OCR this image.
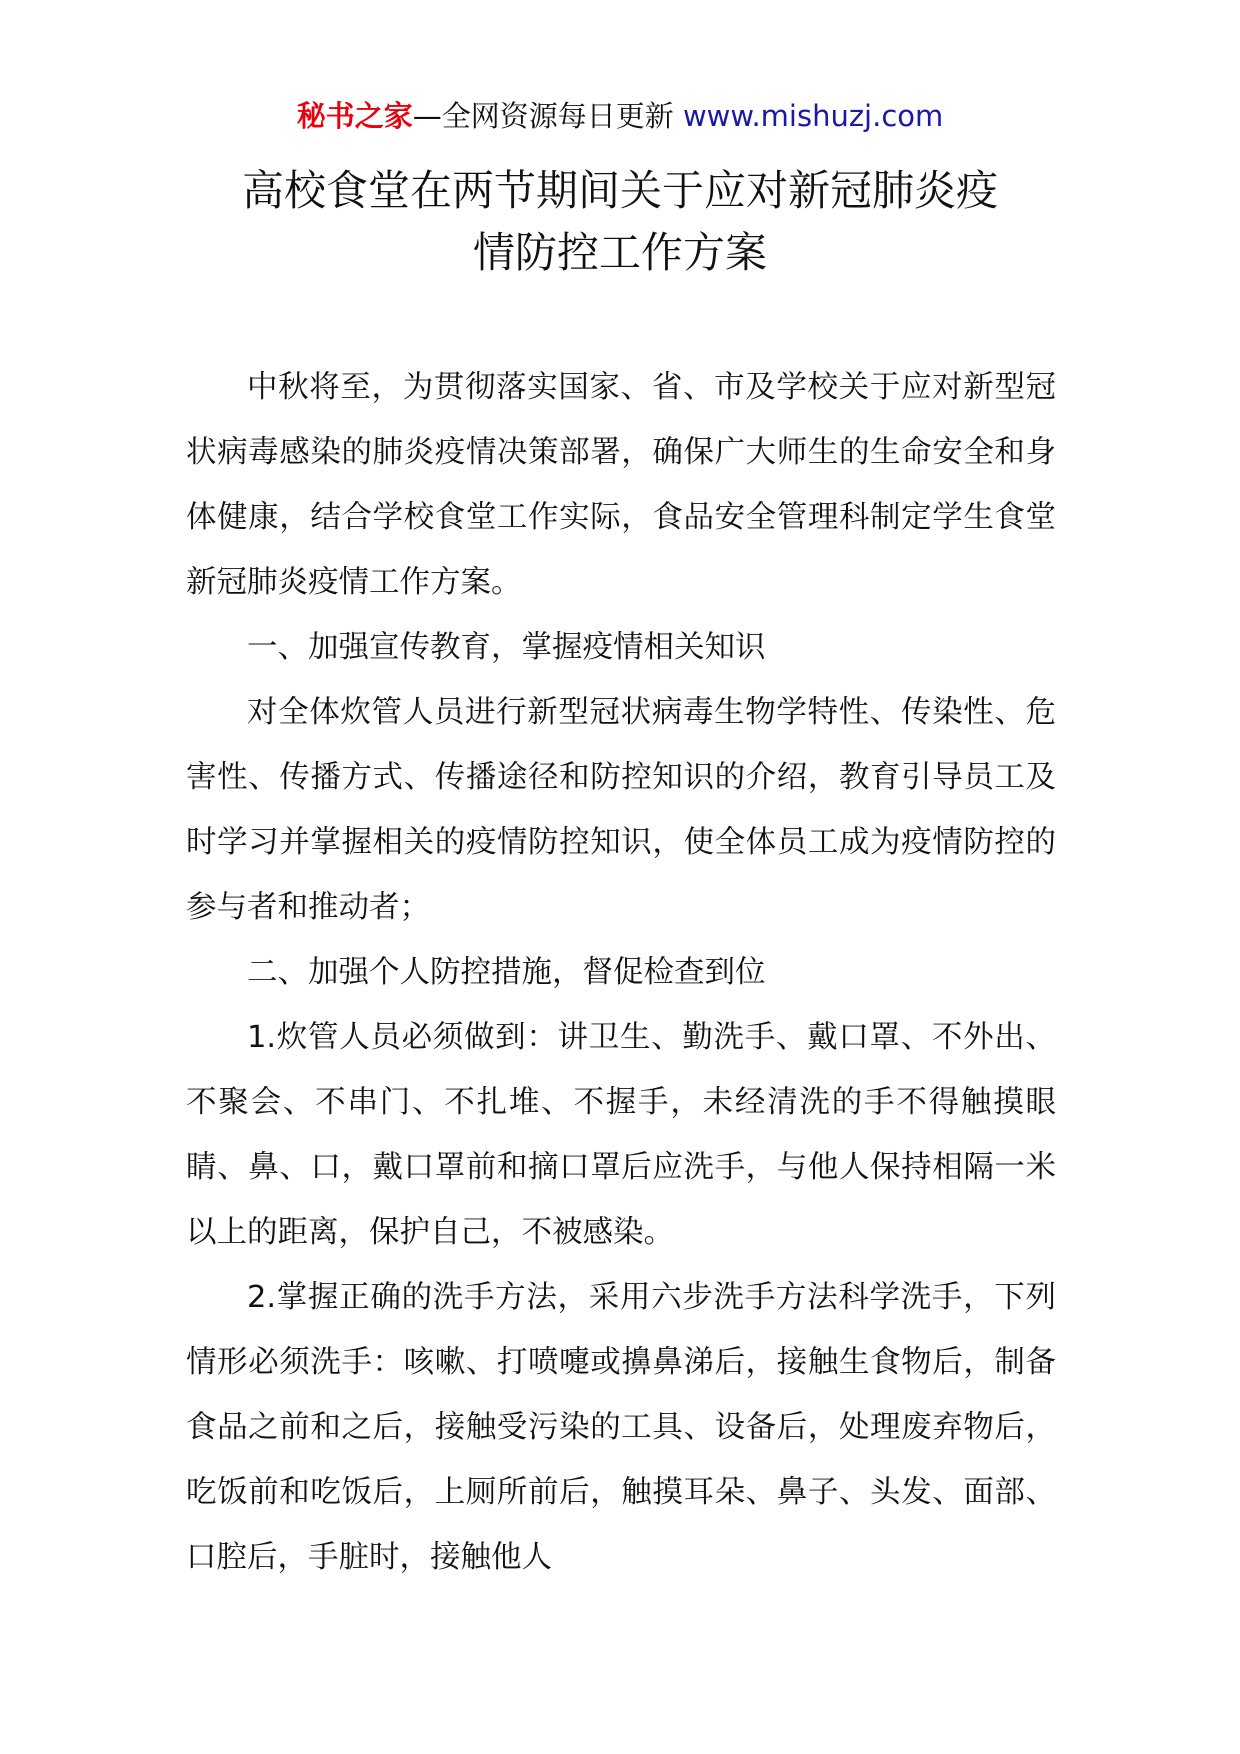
秘书之家—全网资源每日更新 www.mishuzj.com
高校食堂在两节期间关于应对新冠肺炎疫
情防控工作方案

中秋将至，为贯彻落实国家、省、市及学校关于应对新型冠状病毒感染的肺炎疫情决策部署，确保广大师生的生命安全和身体健康，结合学校食堂工作实际，食品安全管理科制定学生食堂新冠肺炎疫情工作方案。

一、加强宣传教育，掌握疫情相关知识

对全体炊管人员进行新型冠状病毒生物学特性、传染性、危害性、传播方式、传播途径和防控知识的介绍，教育引导员工及时学习并掌握相关的疫情防控知识，使全体员工成为疫情防控的参与者和推动者；

二、加强个人防控措施，督促检查到位

1.炊管人员必须做到：讲卫生、勤洗手、戴口罩、不外出、不聚会、不串门、不扎堆、不握手，未经清洗的手不得触摸眼睛、鼻、口，戴口罩前和摘口罩后应洗手，与他人保持相隔一米以上的距离，保护自己，不被感染。

2.掌握正确的洗手方法，采用六步洗手方法科学洗手，下列情形必须洗手：咳嗽、打喷嚏或擤鼻涕后，接触生食物后，制备食品之前和之后，接触受污染的工具、设备后，处理废弃物后，吃饭前和吃饭后，上厕所前后，触摸耳朵、鼻子、头发、面部、口腔后，手脏时，接触他人
